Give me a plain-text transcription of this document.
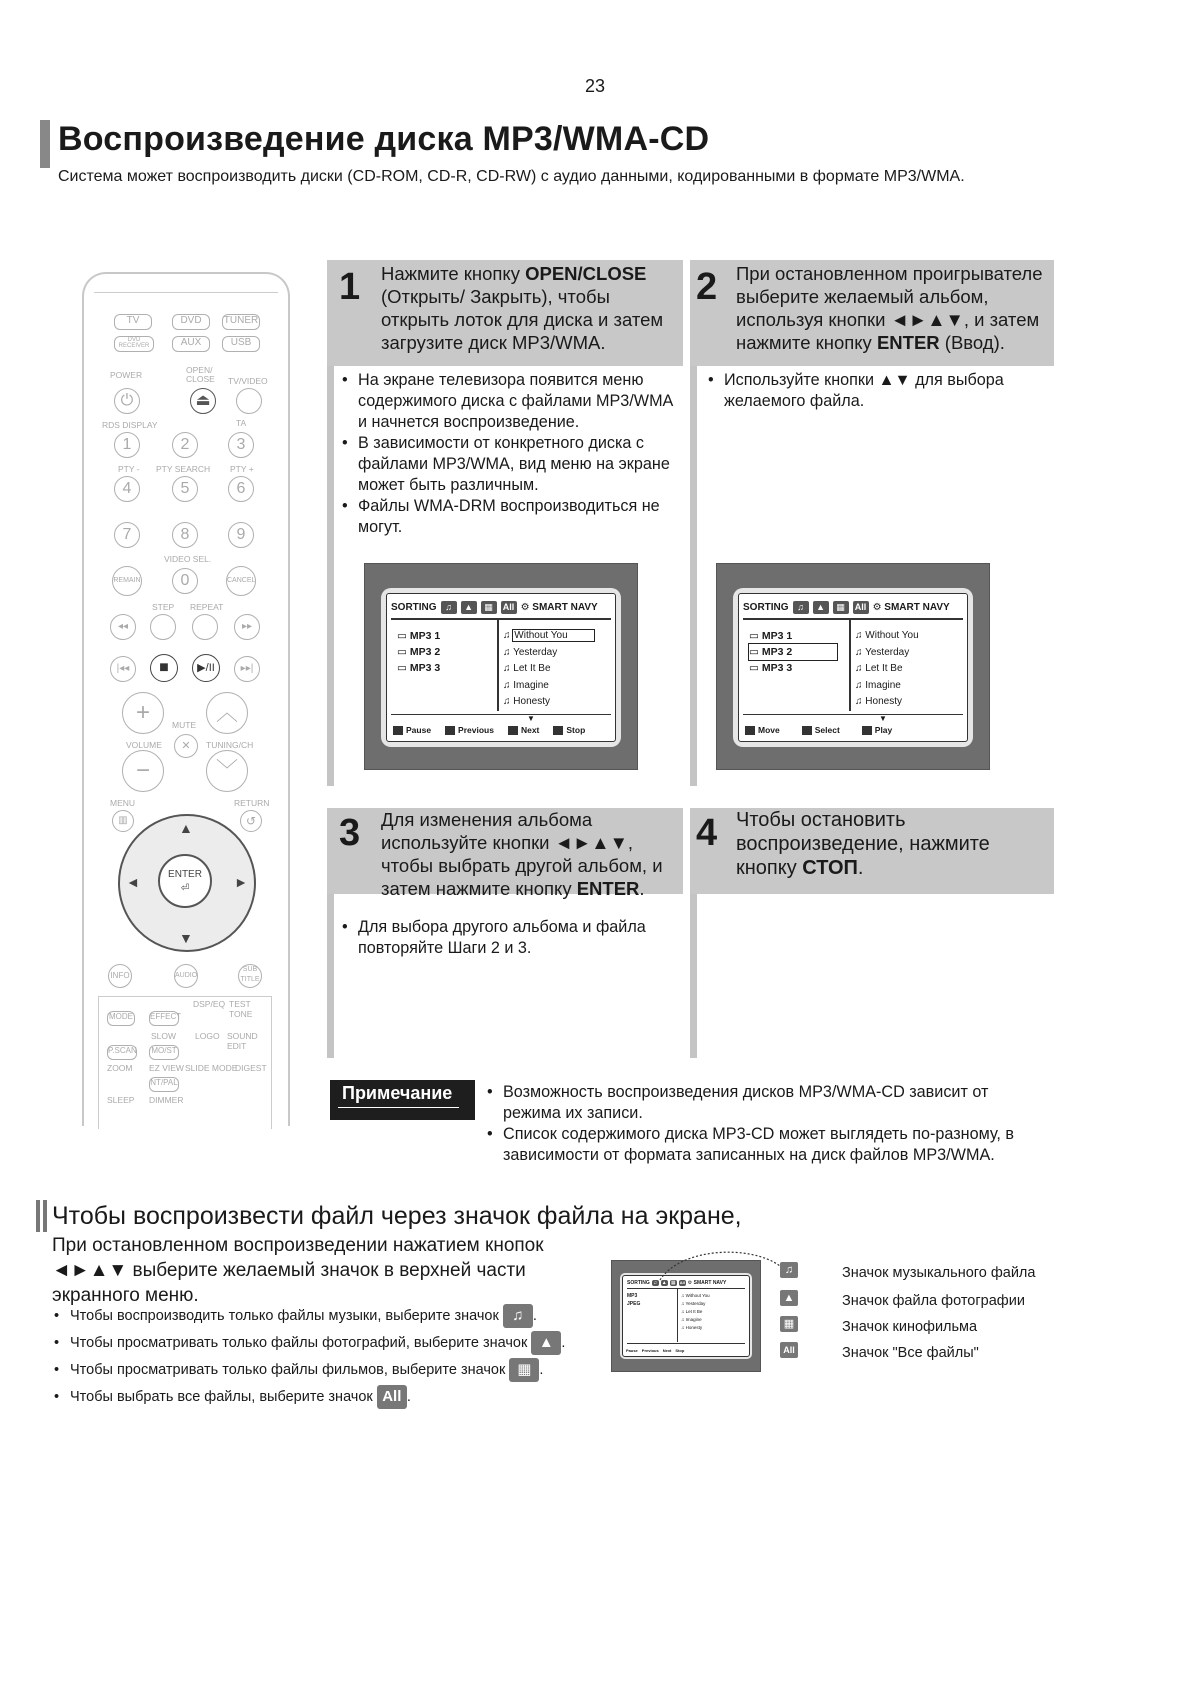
23
Воспроизведение диска MP3/WMA-CD
Система может воспроизводить диски (CD-ROM, CD-R, CD-RW) с аудио данными, кодированными в формате MP3/WMA.
TV	DVD	TUNER
DVD RECEIVER	AUX	USB
POWER	OPEN/ CLOSE TV/VIDEO
⏻	⏏
RDS DISPLAY	TA
1	2	3
PTY - PTY SEARCH PTY +
4	5	6
7	8	9
VIDEO SEL.
REMAIN	0	CANCEL
STEP REPEAT
◂◂	▸▸
|◂◂	■	▶/II	▸▸|
+	MUTE
✕
︿
VOLUME	TUNING/CH
−	﹀
MENU	RETURN
▥	↺
▲
▼
◄	►
ENTER
⏎
INFO	AUDIO
SUB TITLE
MODE EFFECT
DSP/EQ TEST TONE
P.SCAN MO/ST
SLOW LOGO SOUND EDIT
NT/PAL
ZOOM EZ VIEW SLIDE MODE
DIGEST
SLEEP DIMMER
1 Нажмите кнопку OPEN/CLOSE (Открыть/ Закрыть), чтобы открыть лоток для диска и затем загрузите диск MP3/WMA.
2 При остановленном проигрывателе выберите желаемый альбом, используя кнопки ◄►▲▼, и затем нажмите кнопку ENTER (Ввод).
• На экране телевизора появится меню содержимого диска с файлами MP3/WMA и начнется воспроизведение.
• В зависимости от конкретного диска с файлами MP3/WMA, вид меню на экране может быть различным.
• Файлы WMA-DRM воспроизводиться не могут.
• Используйте кнопки ▲▼ для выбора желаемого файла.
SORTING ♫	▲	▦	All ⚙ SMART NAVY
▭ MP3 1
▭ MP3 2
▭ MP3 3
♫ Without You
♫ Yesterday
♫ Let It Be
♫ Imagine
♫ Honesty
▼
Pause	Previous	Next	Stop
SORTING ♫	▲	▦	All ⚙ SMART NAVY
▭ MP3 1
▭ MP3 2
▭ MP3 3
♫ Without You
♫ Yesterday
♫ Let It Be
♫ Imagine
♫ Honesty
▼
Move	Select	Play
3 Для изменения альбома используйте кнопки ◄►▲▼, чтобы выбрать другой альбом, и затем нажмите кнопку ENTER.
4 Чтобы остановить воспроизведение, нажмите кнопку СТОП.
• Для выбора другого альбома и файла повторяйте Шаги 2 и 3.
Примечание
•	Возможность воспроизведения дисков MP3/WMA-CD зависит от режима их записи.
• Список содержимого диска MP3-CD может выглядеть по-разному, в зависимости от формата записанных на диск файлов MP3/WMA.
Чтобы воспроизвести файл через значок файла на экране,
При остановленном воспроизведении нажатием кнопок ◄►▲▼ выберите желаемый значок в верхней части экранного меню.
• Чтобы воспроизводить только файлы музыки, выберите значок ♫ .
• Чтобы просматривать только файлы фотографий, выберите значок ▲ .
• Чтобы просматривать только файлы фильмов, выберите значок ▦ .
• Чтобы выбрать все файлы, выберите значок All .
SORTING ♫ ▲ ▦ All ⚙ SMART NAVY
MP3
JPEG
♫ Without You
♫ Yesterday
♫ Let It Be
♫ Imagine
♫ Honesty
Pause Previous Next Stop
♫	Значок музыкального файла
▲	Значок файла фотографии
▦	Значок кинофильма
All	Значок "Все файлы"
